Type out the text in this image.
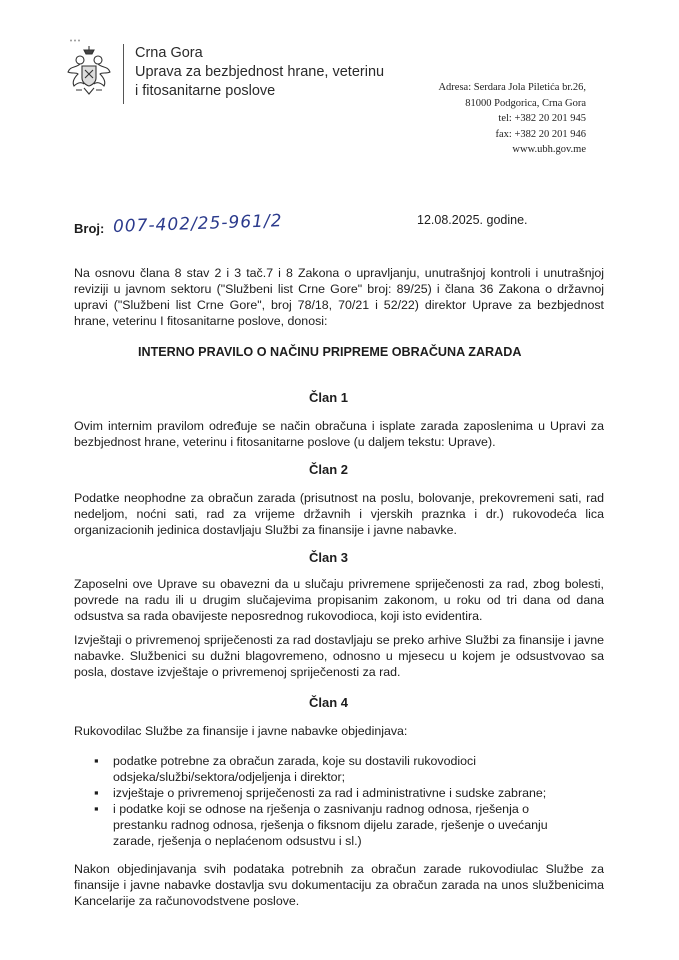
Crna Gora
Uprava za bezbjednost hrane, veterinu
i fitosanitarne poslove	Adresa: Serdara Jola Piletića br.26,
81000 Podgorica, Crna Gora
tel: +382 20 201 945
fax: +382 20 201 946
www.ubh.gov.me
Broj: 007-402/25-961/2	12.08.2025. godine.
Na osnovu člana 8 stav 2 i 3 tač.7 i 8 Zakona o upravljanju, unutrašnjoj kontroli i unutrašnjoj reviziji u javnom sektoru ("Službeni list Crne Gore" broj: 89/25) i člana 36 Zakona o državnoj upravi ("Službeni list Crne Gore", broj 78/18, 70/21 i 52/22) direktor Uprave za bezbjednost hrane, veterinu I fitosanitarne poslove, donosi:
INTERNO PRAVILO O NAČINU PRIPREME OBRAČUNA ZARADA
Član 1
Ovim internim pravilom određuje se način obračuna i isplate zarada zaposlenima u Upravi za bezbjednost hrane, veterinu i fitosanitarne poslove (u daljem tekstu: Uprave).
Član 2
Podatke neophodne za obračun zarada (prisutnost na poslu, bolovanje, prekovremeni sati, rad nedeljom, noćni sati, rad za vrijeme državnih i vjerskih praznka i dr.) rukovodeća lica organizacionih jedinica dostavljaju Službi za finansije i javne nabavke.
Član 3
Zaposelni ove Uprave su obavezni da u slučaju privremene spriječenosti za rad, zbog bolesti, povrede na radu ili u drugim slučajevima propisanim zakonom, u roku od tri dana od dana odsustva sa rada obavijeste neposrednog rukovodioca, koji isto evidentira.
Izvještaji o privremenoj spriječenosti za rad dostavljaju se preko arhive Službi za finansije i javne nabavke. Službenici su dužni blagovremeno, odnosno u mjesecu u kojem je odsustvovao sa posla, dostave izvještaje o privremenoj spriječenosti za rad.
Član 4
Rukovodilac Službe za finansije i javne nabavke objedinjava:
▪ podatke potrebne za obračun zarada, koje su dostavili rukovodioci odsjeka/službi/sektora/odjeljenja i direktor;
▪ izvještaje o privremenoj spriječenosti za rad i administrativne i sudske zabrane;
▪ i podatke koji se odnose na rješenja o zasnivanju radnog odnosa, rješenja o prestanku radnog odnosa, rješenja o fiksnom dijelu zarade, rješenje o uvećanju zarade, rješenja o neplaćenom odsustvu i sl.)
Nakon objedinjavanja svih podataka potrebnih za obračun zarade rukovodiulac Službe za finansije i javne nabavke dostavlja svu dokumentaciju za obračun zarada na unos službenicima Kancelarije za računovodstvene poslove.
